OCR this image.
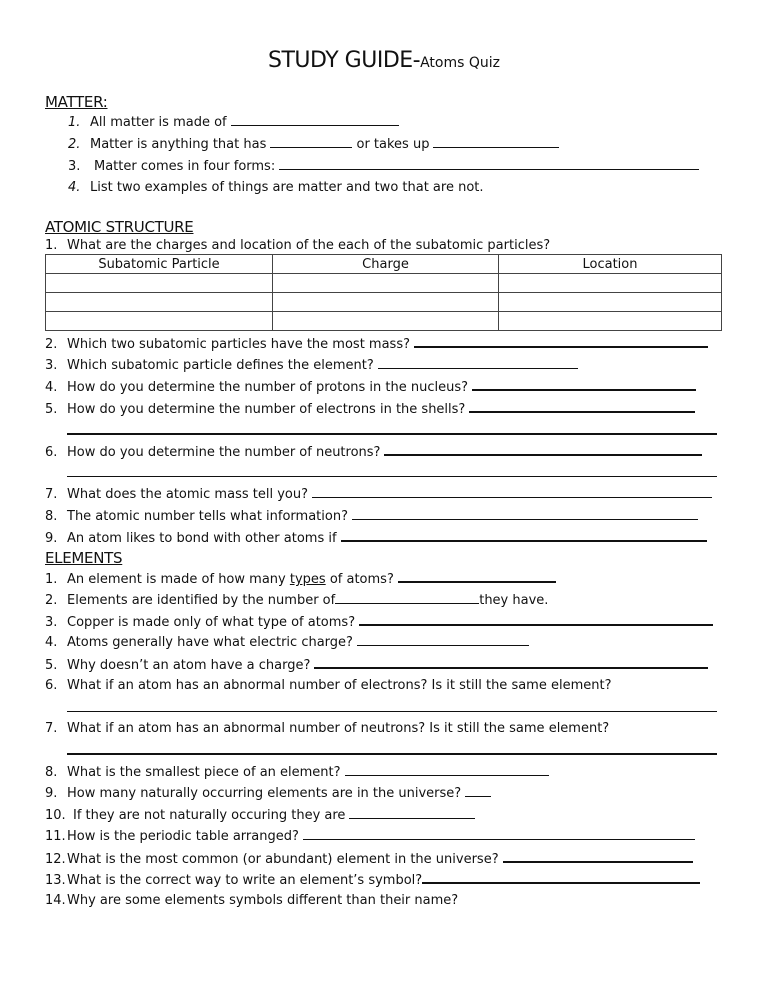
STUDY GUIDE-Atoms Quiz
MATTER:
1. All matter is made of
2. Matter is anything that has	or takes up
3. Matter comes in four forms:
4. List two examples of things are matter and two that are not.
ATOMIC STRUCTURE
1. What are the charges and location of the each of the subatomic particles?
Subatomic Particle	Charge	Location

2. Which two subatomic particles have the most mass?
3. Which subatomic particle defines the element?
4. How do you determine the number of protons in the nucleus?
5. How do you determine the number of electrons in the shells?
6. How do you determine the number of neutrons?
7. What does the atomic mass tell you?
8. The atomic number tells what information?
9. An atom likes to bond with other atoms if
ELEMENTS
1. An element is made of how many types of atoms?
2. Elements are identified by the number of	they have.
3. Copper is made only of what type of atoms?
4. Atoms generally have what electric charge?
5. Why doesn’t an atom have a charge?
6. What if an atom has an abnormal number of electrons? Is it still the same element?
7. What if an atom has an abnormal number of neutrons? Is it still the same element?
8. What is the smallest piece of an element?
9. How many naturally occurring elements are in the universe?
10. If they are not naturally occuring they are
11.How is the periodic table arranged?
12.What is the most common (or abundant) element in the universe?
13.What is the correct way to write an element’s symbol?
14.Why are some elements symbols different than their name?
